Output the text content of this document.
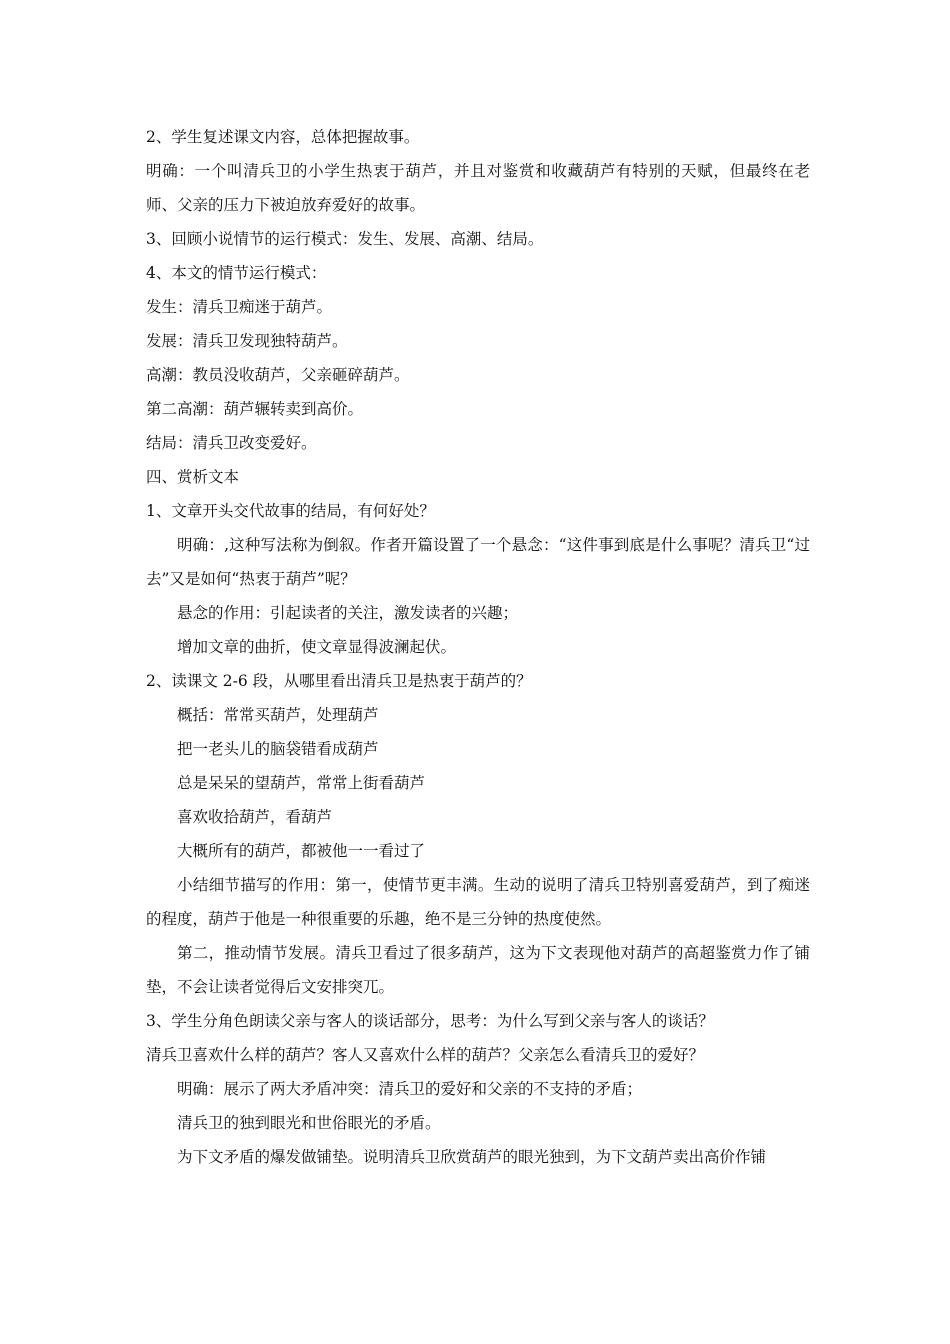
2、学生复述课文内容，总体把握故事。

明确：一个叫清兵卫的小学生热衷于葫芦，并且对鉴赏和收藏葫芦有特别的天赋，但最终在老师、父亲的压力下被迫放弃爱好的故事。

3、回顾小说情节的运行模式：发生、发展、高潮、结局。

4、本文的情节运行模式：

发生：清兵卫痴迷于葫芦。

发展：清兵卫发现独特葫芦。

高潮：教员没收葫芦，父亲砸碎葫芦。

第二高潮：葫芦辗转卖到高价。

结局：清兵卫改变爱好。

四、赏析文本

1、文章开头交代故事的结局，有何好处？

明确：,这种写法称为倒叙。作者开篇设置了一个悬念：“这件事到底是什么事呢？清兵卫“过去”又是如何“热衷于葫芦”呢？

悬念的作用：引起读者的关注，激发读者的兴趣；

增加文章的曲折，使文章显得波澜起伏。

2、读课文 2-6 段，从哪里看出清兵卫是热衷于葫芦的？

概括：常常买葫芦，处理葫芦

把一老头儿的脑袋错看成葫芦

总是呆呆的望葫芦，常常上街看葫芦

喜欢收拾葫芦，看葫芦

大概所有的葫芦，都被他一一看过了

小结细节描写的作用：第一，使情节更丰满。生动的说明了清兵卫特别喜爱葫芦，到了痴迷的程度，葫芦于他是一种很重要的乐趣，绝不是三分钟的热度使然。

第二，推动情节发展。清兵卫看过了很多葫芦，这为下文表现他对葫芦的高超鉴赏力作了铺垫，不会让读者觉得后文安排突兀。

3、学生分角色朗读父亲与客人的谈话部分，思考：为什么写到父亲与客人的谈话？

清兵卫喜欢什么样的葫芦？客人又喜欢什么样的葫芦？父亲怎么看清兵卫的爱好？

明确：展示了两大矛盾冲突：清兵卫的爱好和父亲的不支持的矛盾；

清兵卫的独到眼光和世俗眼光的矛盾。

为下文矛盾的爆发做铺垫。说明清兵卫欣赏葫芦的眼光独到，为下文葫芦卖出高价作铺
